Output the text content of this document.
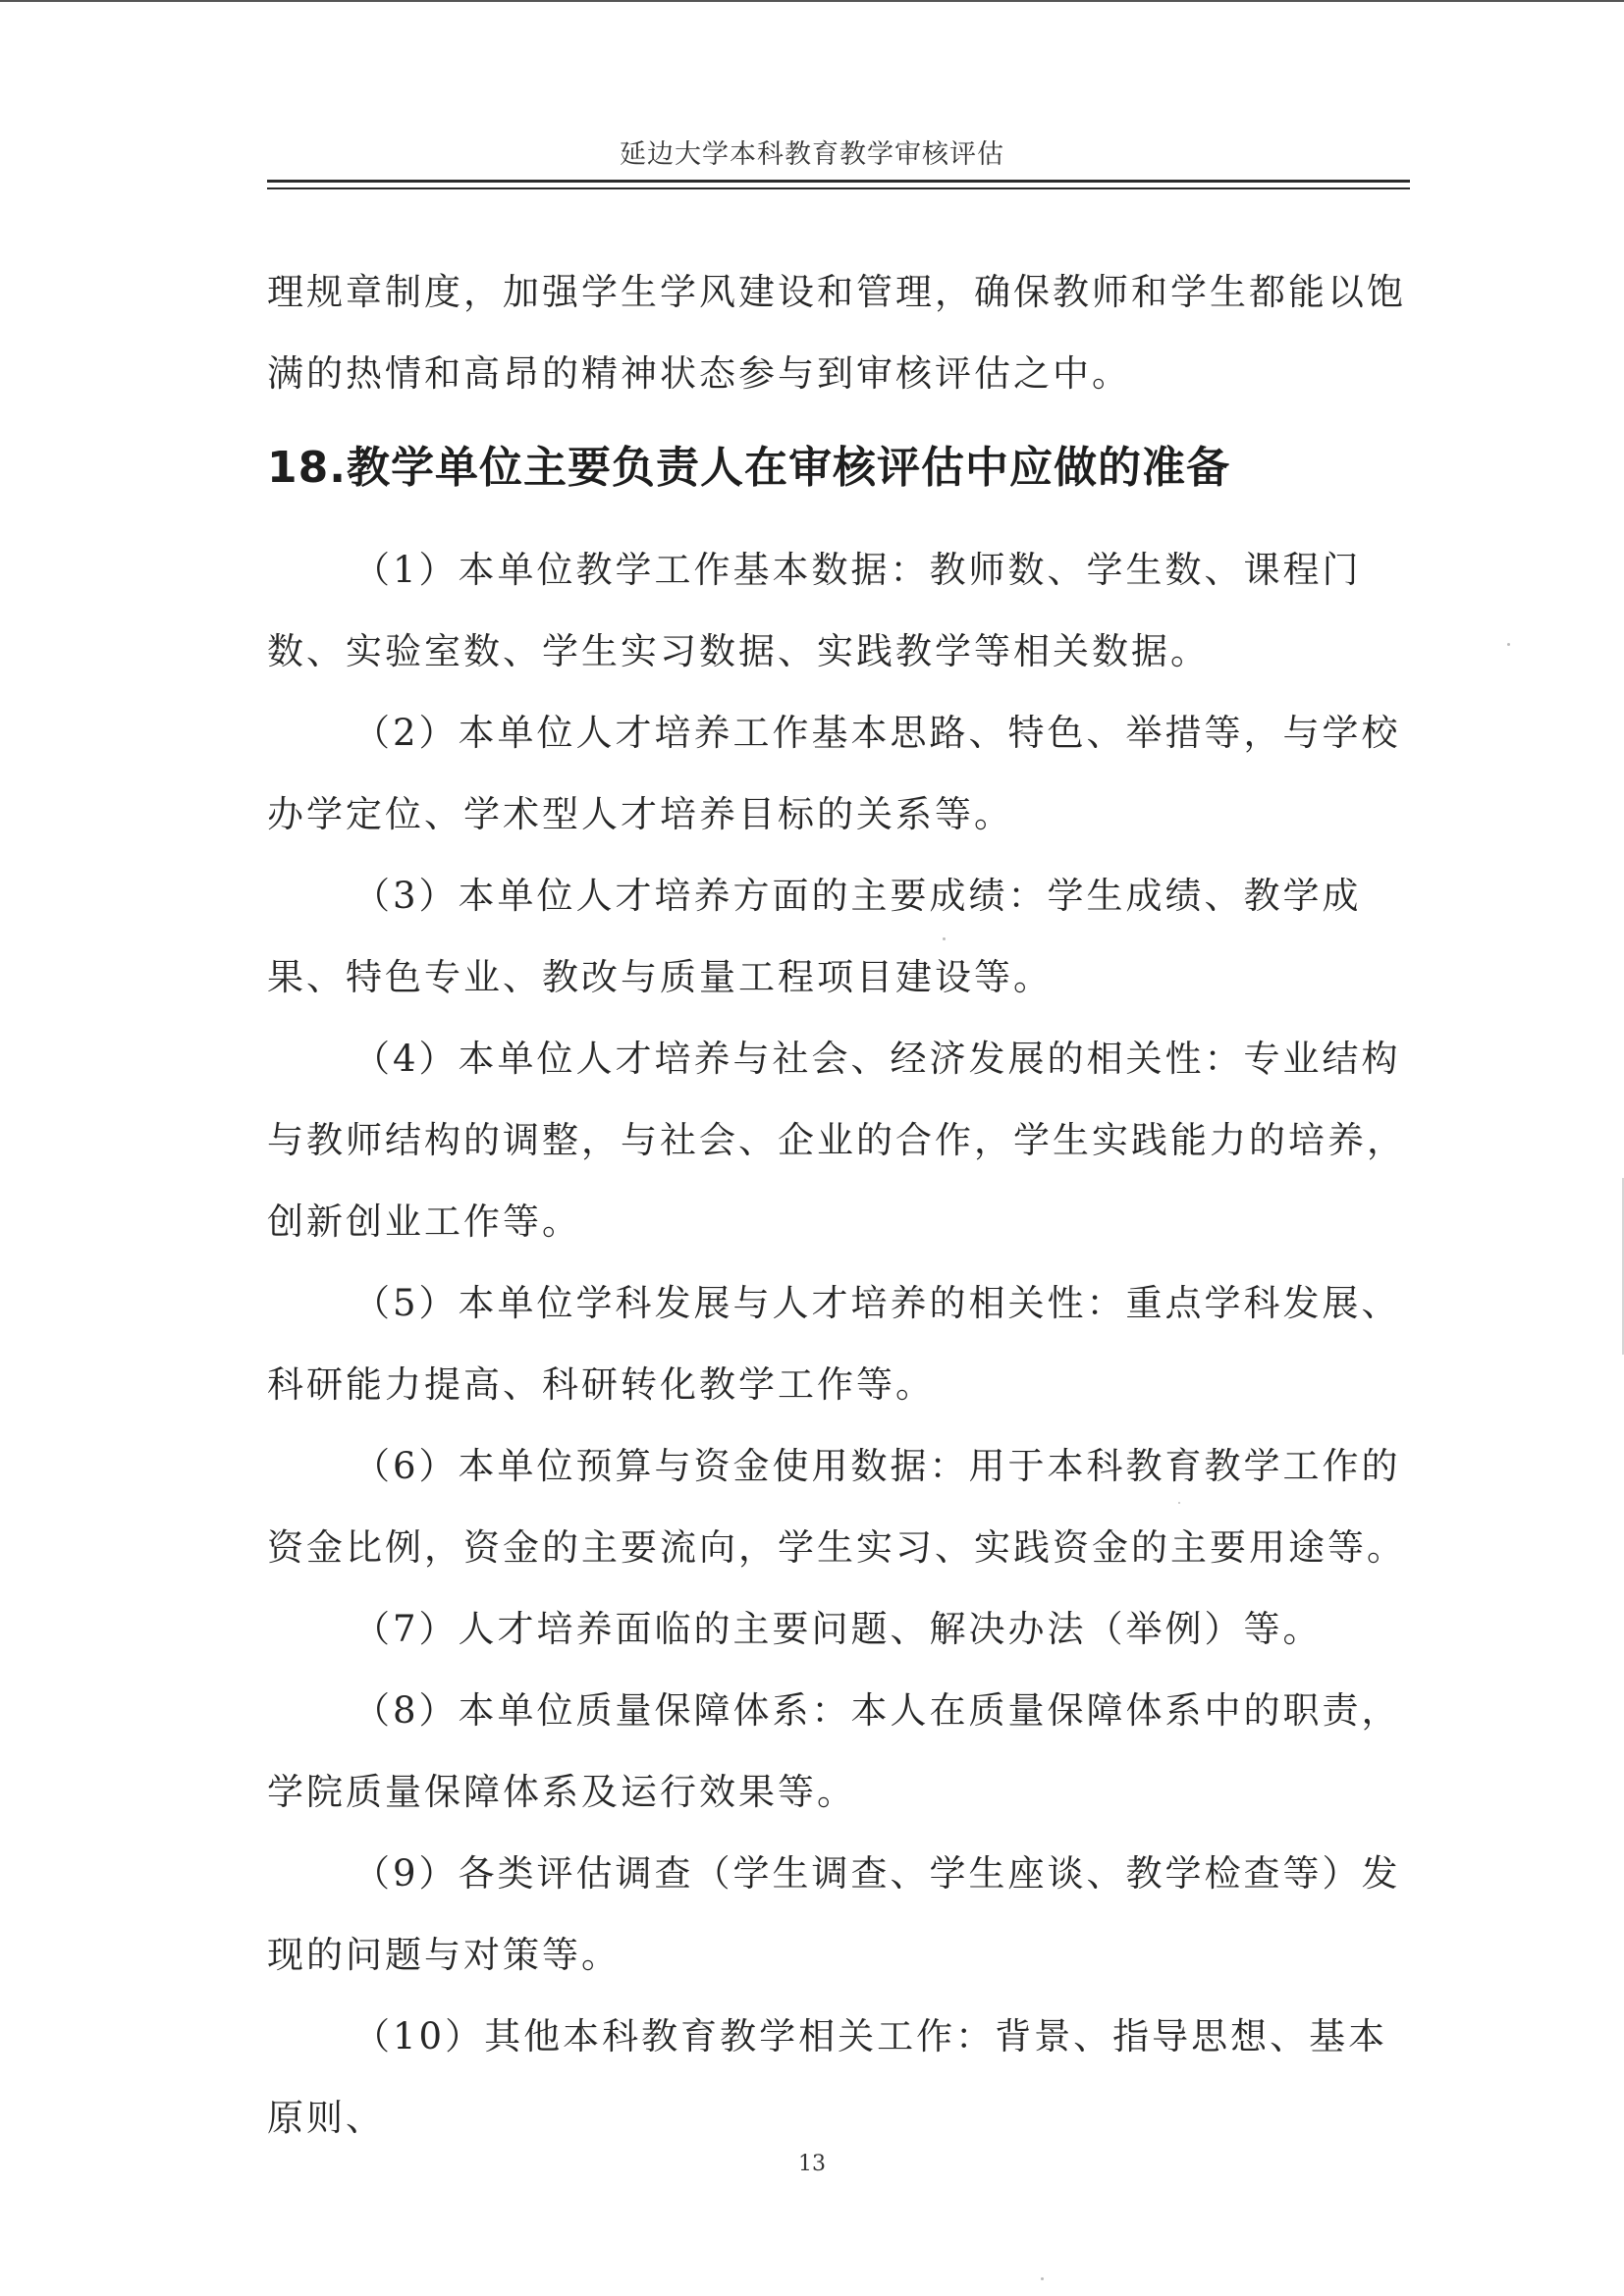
延边大学本科教育教学审核评估

理规章制度，加强学生学风建设和管理，确保教师和学生都能以饱满的热情和高昂的精神状态参与到审核评估之中。

18.教学单位主要负责人在审核评估中应做的准备

（1）本单位教学工作基本数据：教师数、学生数、课程门数、实验室数、学生实习数据、实践教学等相关数据。

（2）本单位人才培养工作基本思路、特色、举措等，与学校办学定位、学术型人才培养目标的关系等。

（3）本单位人才培养方面的主要成绩：学生成绩、教学成果、特色专业、教改与质量工程项目建设等。

（4）本单位人才培养与社会、经济发展的相关性：专业结构与教师结构的调整，与社会、企业的合作，学生实践能力的培养，创新创业工作等。

（5）本单位学科发展与人才培养的相关性：重点学科发展、科研能力提高、科研转化教学工作等。

（6）本单位预算与资金使用数据：用于本科教育教学工作的资金比例，资金的主要流向，学生实习、实践资金的主要用途等。

（7）人才培养面临的主要问题、解决办法（举例）等。

（8）本单位质量保障体系：本人在质量保障体系中的职责，学院质量保障体系及运行效果等。

（9）各类评估调查（学生调查、学生座谈、教学检查等）发现的问题与对策等。

（10）其他本科教育教学相关工作：背景、指导思想、基本原则、

13
